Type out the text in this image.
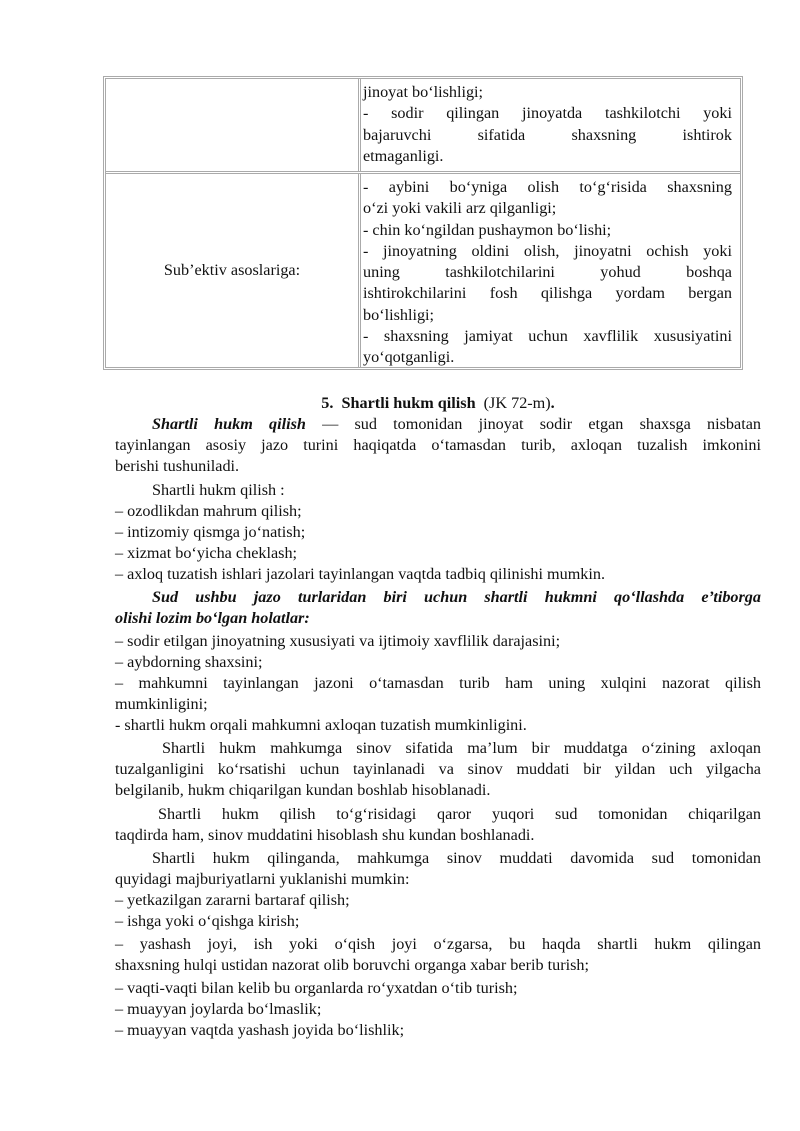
jinoyat bo‘lishligi;
- sodir qilingan jinoyatda tashkilotchi yoki
bajaruvchi sifatida shaxsning ishtirok
etmaganligi.
Sub’ektiv asoslariga:
- aybini bo‘yniga olish to‘g‘risida shaxsning
o‘zi yoki vakili arz qilganligi;
- chin ko‘ngildan pushaymon bo‘lishi;
- jinoyatning oldini olish, jinoyatni ochish yoki
uning tashkilotchilarini yohud boshqa
ishtirokchilarini fosh qilishga yordam bergan
bo‘lishligi;
- shaxsning jamiyat uchun xavflilik xususiyatini
yo‘qotganligi.
5. Shartli hukm qilish (JK 72-m).
Shartli hukm qilish — sud tomonidan jinoyat sodir etgan shaxsga nisbatan
tayinlangan asosiy jazo turini haqiqatda o‘tamasdan turib, axloqan tuzalish imkonini
berishi tushuniladi.
Shartli hukm qilish :
– ozodlikdan mahrum qilish;
– intizomiy qismga jo‘natish;
– xizmat bo‘yicha cheklash;
– axloq tuzatish ishlari jazolari tayinlangan vaqtda tadbiq qilinishi mumkin.
Sud ushbu jazo turlaridan biri uchun shartli hukmni qo‘llashda e’tiborga
olishi lozim bo‘lgan holatlar:
– sodir etilgan jinoyatning xususiyati va ijtimoiy xavflilik darajasini;
– aybdorning shaxsini;
– mahkumni tayinlangan jazoni o‘tamasdan turib ham uning xulqini nazorat qilish
mumkinligini;
- shartli hukm orqali mahkumni axloqan tuzatish mumkinligini.
Shartli hukm mahkumga sinov sifatida ma’lum bir muddatga o‘zining axloqan
tuzalganligini ko‘rsatishi uchun tayinlanadi va sinov muddati bir yildan uch yilgacha
belgilanib, hukm chiqarilgan kundan boshlab hisoblanadi.
Shartli hukm qilish to‘g‘risidagi qaror yuqori sud tomonidan chiqarilgan
taqdirda ham, sinov muddatini hisoblash shu kundan boshlanadi.
Shartli hukm qilinganda, mahkumga sinov muddati davomida sud tomonidan
quyidagi majburiyatlarni yuklanishi mumkin:
– yetkazilgan zararni bartaraf qilish;
– ishga yoki o‘qishga kirish;
– yashash joyi, ish yoki o‘qish joyi o‘zgarsa, bu haqda shartli hukm qilingan
shaxsning hulqi ustidan nazorat olib boruvchi organga xabar berib turish;
– vaqti-vaqti bilan kelib bu organlarda ro‘yxatdan o‘tib turish;
– muayyan joylarda bo‘lmaslik;
– muayyan vaqtda yashash joyida bo‘lishlik;
